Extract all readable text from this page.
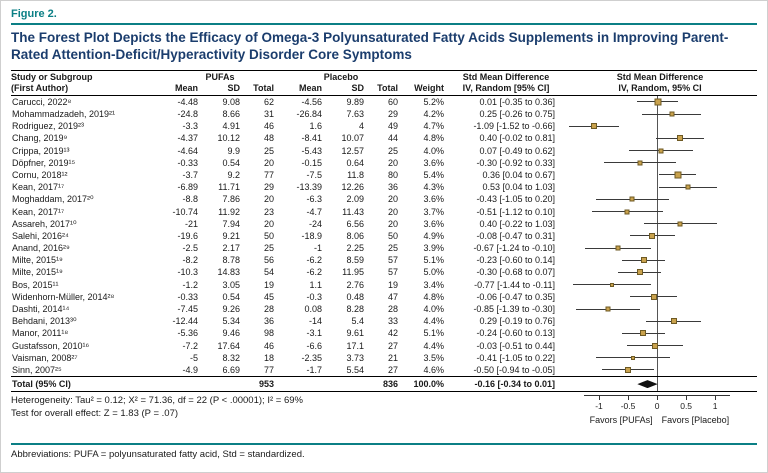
Figure 2.
The Forest Plot Depicts the Efficacy of Omega-3 Polyunsaturated Fatty Acids Supplements in Improving Parent-Rated Attention-Deficit/Hyperactivity Disorder Core Symptoms
Study or Subgroup
(First Author)
PUFAs
Mean	SD	Total
Placebo
Mean	SD	Total	Weight
Std Mean Difference
IV, Random [95% CI]
Std Mean Difference
IV, Random, 95% CI
Carucci, 2022⁸	-4.48	9.08	62	-4.56	9.89	60	5.2%	0.01 [-0.35 to 0.36]
Mohammadzadeh, 2019²¹	-24.8	8.66	31	-26.84	7.63	29	4.2%	0.25 [-0.26 to 0.75]
Rodriguez, 2019²³	-3.3	4.91	46	1.6	4	49	4.7%	-1.09 [-1.52 to -0.66]
Chang, 2019⁹	-4.37	10.12	48	-8.41	10.07	44	4.8%	0.40 [-0.02 to 0.81]
Crippa, 2019¹³	-4.64	9.9	25	-5.43	12.57	25	4.0%	0.07 [-0.49 to 0.62]
Döpfner, 2019¹⁵	-0.33	0.54	20	-0.15	0.64	20	3.6%	-0.30 [-0.92 to 0.33]
Cornu, 2018¹²	-3.7	9.2	77	-7.5	11.8	80	5.4%	0.36 [0.04 to 0.67]
Kean, 2017¹⁷	-6.89	11.71	29	-13.39	12.26	36	4.3%	0.53 [0.04 to 1.03]
Moghaddam, 2017²⁰	-8.8	7.86	20	-6.3	2.09	20	3.6%	-0.43 [-1.05 to 0.20]
Kean, 2017¹⁷	-10.74	11.92	23	-4.7	11.43	20	3.7%	-0.51 [-1.12 to 0.10]
Assareh, 2017¹⁰	-21	7.94	20	-24	6.56	20	3.6%	0.40 [-0.22 to 1.03]
Salehi, 2016²⁴	-19.6	9.21	50	-18.9	8.06	50	4.9%	-0.08 [-0.47 to 0.31]
Anand, 2016²⁹	-2.5	2.17	25	-1	2.25	25	3.9%	-0.67 [-1.24 to -0.10]
Milte, 2015¹⁹	-8.2	8.78	56	-6.2	8.59	57	5.1%	-0.23 [-0.60 to 0.14]
Milte, 2015¹⁹	-10.3	14.83	54	-6.2	11.95	57	5.0%	-0.30 [-0.68 to 0.07]
Bos, 2015¹¹	-1.2	3.05	19	1.1	2.76	19	3.4%	-0.77 [-1.44 to -0.11]
Widenhorn-Müller, 2014²⁸	-0.33	0.54	45	-0.3	0.48	47	4.8%	-0.06 [-0.47 to 0.35]
Dashti, 2014¹⁴	-7.45	9.26	28	0.08	8.28	28	4.0%	-0.85 [-1.39 to -0.30]
Behdani, 2013³⁰	-12.44	5.34	36	-14	5.4	33	4.4%	0.29 [-0.19 to 0.76]
Manor, 2011¹⁸	-5.36	9.46	98	-3.1	9.61	42	5.1%	-0.24 [-0.60 to 0.13]
Gustafsson, 2010¹⁶	-7.2	17.64	46	-6.6	17.1	27	4.4%	-0.03 [-0.51 to 0.44]
Vaisman, 2008²⁷	-5	8.32	18	-2.35	3.73	21	3.5%	-0.41 [-1.05 to 0.22]
Sinn, 2007²⁵	-4.9	6.69	77	-1.7	5.54	27	4.6%	-0.50 [-0.94 to -0.05]
Total (95% CI)	953	836	100.0%	-0.16 [-0.34 to 0.01]
Heterogeneity: Tau² = 0.12; X² = 71.36, df = 22 (P < .00001); I² = 69%
Test for overall effect: Z = 1.83 (P = .07)
-1 -0.5 0 0.5 1
Favors [PUFAs] Favors [Placebo]
Abbreviations: PUFA = polyunsaturated fatty acid, Std = standardized.
